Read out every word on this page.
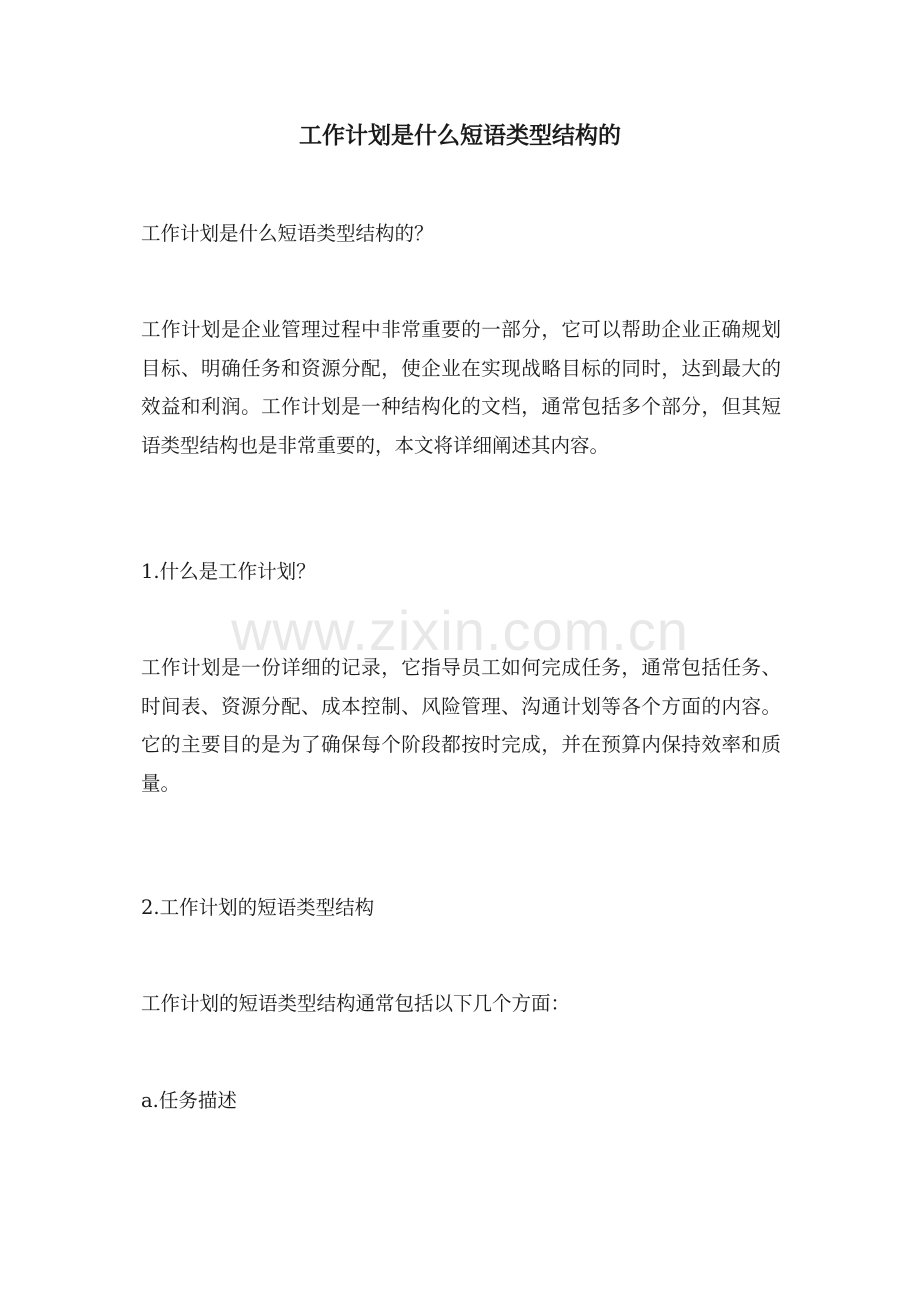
工作计划是什么短语类型结构的

工作计划是什么短语类型结构的？

工作计划是企业管理过程中非常重要的一部分，它可以帮助企业正确规划目标、明确任务和资源分配，使企业在实现战略目标的同时，达到最大的效益和利润。工作计划是一种结构化的文档，通常包括多个部分，但其短语类型结构也是非常重要的，本文将详细阐述其内容。

1.什么是工作计划？

工作计划是一份详细的记录，它指导员工如何完成任务，通常包括任务、时间表、资源分配、成本控制、风险管理、沟通计划等各个方面的内容。它的主要目的是为了确保每个阶段都按时完成，并在预算内保持效率和质量。

2.工作计划的短语类型结构

工作计划的短语类型结构通常包括以下几个方面：

a.任务描述

www.zixin.com.cn
